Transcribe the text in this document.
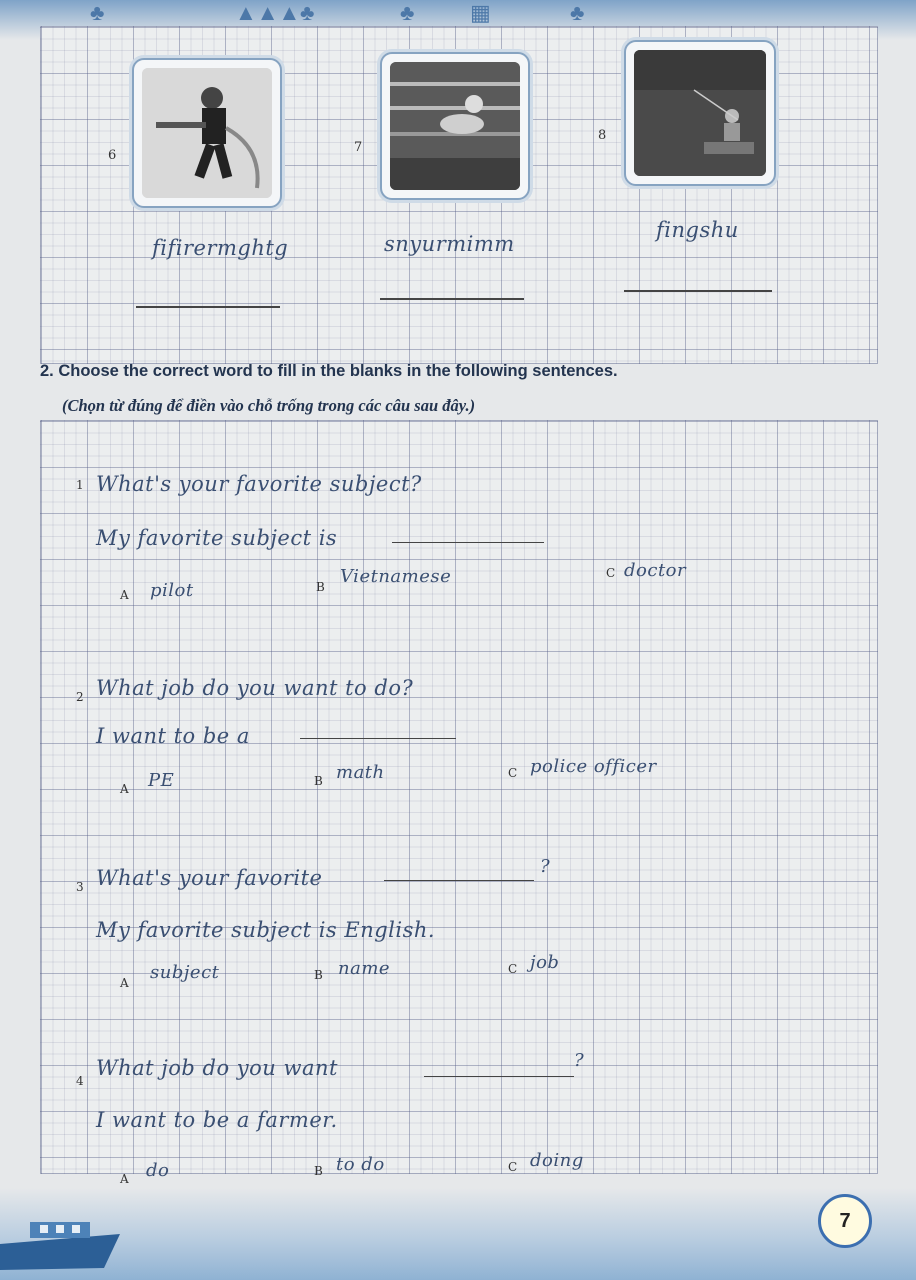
♣	▲▲▲ ♣	♣	▦	♣
6
7
8
fifirermghtg	snyurmimm
fingshu
2. Choose the correct word to fill in the blanks in the following sentences.
(Chọn từ đúng để điền vào chỗ trống trong các câu sau đây.)
1 What's your favorite subject?
My favorite subject is
A pilot	B Vietnamese	C doctor
2 What job do you want to do?
I want to be a
A PE	B math	C police officer
3 What's your favorite	?
My favorite subject is English.
A subject	B name	C job
4
What job do you want	?
I want to be a farmer.
A do	B to do	C doing
7
